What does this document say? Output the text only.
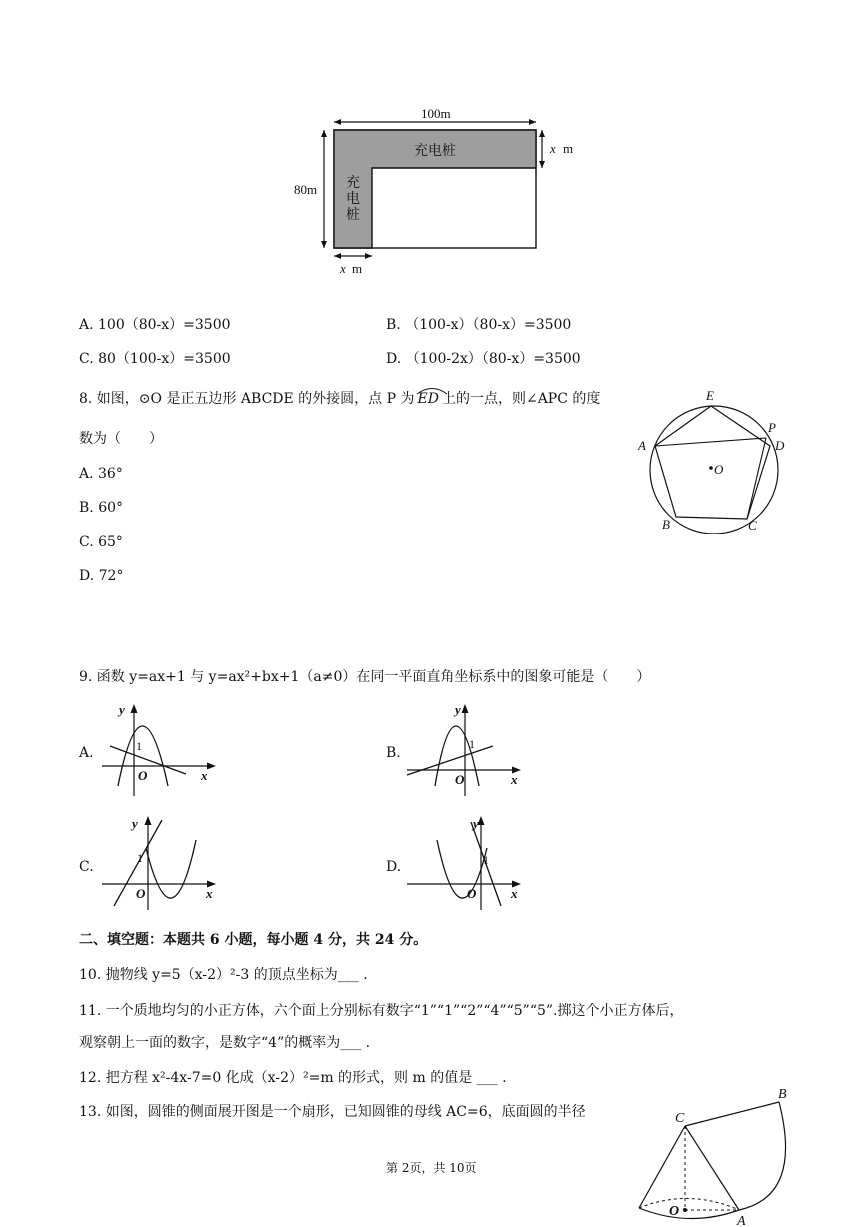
100m
80m
x m
x m
充电桩
充
电
桩
A. 100（80-x）=3500	B. （100-x）（80-x）=3500
C. 80（100-x）=3500	D. （100-2x）（80-x）=3500
8. 如图，⊙O 是正五边形 ABCDE 的外接圆，点 P 为 ED 上的一点，则∠APC 的度
数为（　　）
A. 36°
B. 60°
C. 65°
D. 72°
E
P
D
A
O
B	C
9. 函数 y=ax+1 与 y=ax²+bx+1（a≠0）在同一平面直角坐标系中的图象可能是（　　）
A.	B.
C.	D.
y
x
O
1
y
x
O
1
y
x
O
1
y
x
O
1
二、填空题：本题共 6 小题，每小题 4 分，共 24 分。
10. 抛物线 y=5（x-2）²-3 的顶点坐标为___ .
11. 一个质地均匀的小正方体，六个面上分别标有数字“1”“1”“2”“4”“5”“5”.掷这个小正方体后，
观察朝上一面的数字，是数字“4”的概率为___ .
12. 把方程 x²-4x-7=0 化成（x-2）²=m 的形式，则 m 的值是 ___ .
13. 如图，圆锥的侧面展开图是一个扇形，已知圆锥的母线 AC=6，底面圆的半径
B
C
O
A
第 2页，共 10页
